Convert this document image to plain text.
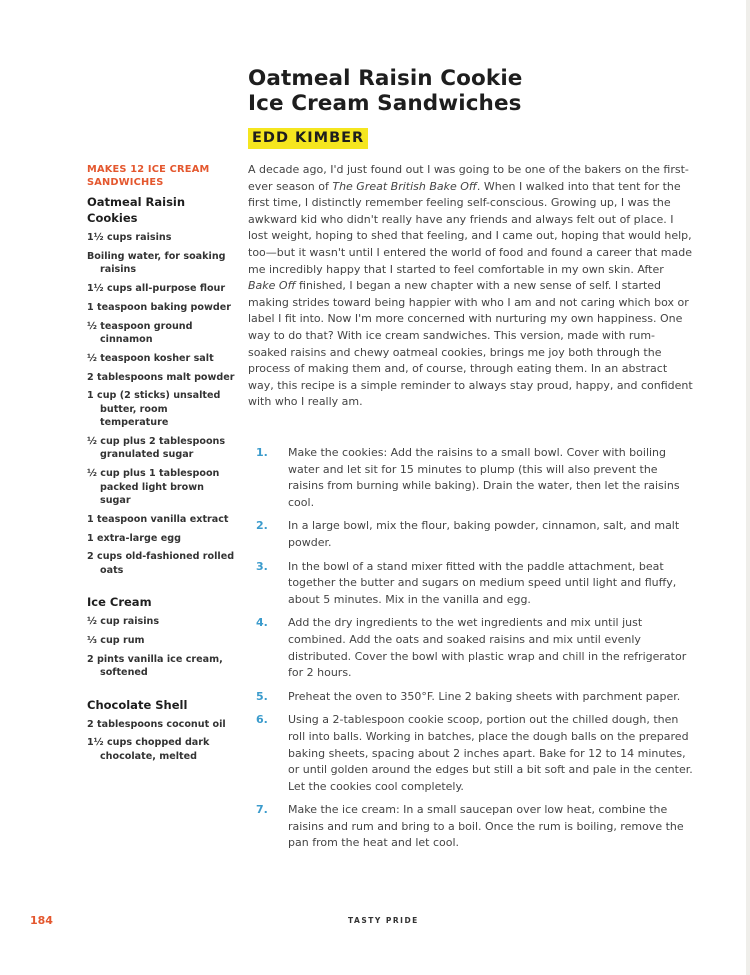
Oatmeal Raisin Cookie
Ice Cream Sandwiches
EDD KIMBER
MAKES 12 ICE CREAM SANDWICHES
Oatmeal Raisin Cookies
1½ cups raisins
Boiling water, for soaking raisins
1½ cups all-purpose flour
1 teaspoon baking powder
½ teaspoon ground cinnamon
½ teaspoon kosher salt
2 tablespoons malt powder
1 cup (2 sticks) unsalted butter, room temperature
½ cup plus 2 tablespoons granulated sugar
½ cup plus 1 tablespoon packed light brown sugar
1 teaspoon vanilla extract
1 extra-large egg
2 cups old-fashioned rolled oats
Ice Cream
½ cup raisins
⅓ cup rum
2 pints vanilla ice cream, softened
Chocolate Shell
2 tablespoons coconut oil
1½ cups chopped dark chocolate, melted
A decade ago, I'd just found out I was going to be one of the bakers on the first-ever season of The Great British Bake Off. When I walked into that tent for the first time, I distinctly remember feeling self-conscious. Growing up, I was the awkward kid who didn't really have any friends and always felt out of place. I lost weight, hoping to shed that feeling, and I came out, hoping that would help, too—but it wasn't until I entered the world of food and found a career that made me incredibly happy that I started to feel comfortable in my own skin. After Bake Off finished, I began a new chapter with a new sense of self. I started making strides toward being happier with who I am and not caring which box or label I fit into. Now I'm more concerned with nurturing my own happiness. One way to do that? With ice cream sandwiches. This version, made with rum-soaked raisins and chewy oatmeal cookies, brings me joy both through the process of making them and, of course, through eating them. In an abstract way, this recipe is a simple reminder to always stay proud, happy, and confident with who I really am.
1. Make the cookies: Add the raisins to a small bowl. Cover with boiling water and let sit for 15 minutes to plump (this will also prevent the raisins from burning while baking). Drain the water, then let the raisins cool.
2. In a large bowl, mix the flour, baking powder, cinnamon, salt, and malt powder.
3. In the bowl of a stand mixer fitted with the paddle attachment, beat together the butter and sugars on medium speed until light and fluffy, about 5 minutes. Mix in the vanilla and egg.
4. Add the dry ingredients to the wet ingredients and mix until just combined. Add the oats and soaked raisins and mix until evenly distributed. Cover the bowl with plastic wrap and chill in the refrigerator for 2 hours.
5. Preheat the oven to 350°F. Line 2 baking sheets with parchment paper.
6. Using a 2-tablespoon cookie scoop, portion out the chilled dough, then roll into balls. Working in batches, place the dough balls on the prepared baking sheets, spacing about 2 inches apart. Bake for 12 to 14 minutes, or until golden around the edges but still a bit soft and pale in the center. Let the cookies cool completely.
7. Make the ice cream: In a small saucepan over low heat, combine the raisins and rum and bring to a boil. Once the rum is boiling, remove the pan from the heat and let cool.
184	TASTY PRIDE
